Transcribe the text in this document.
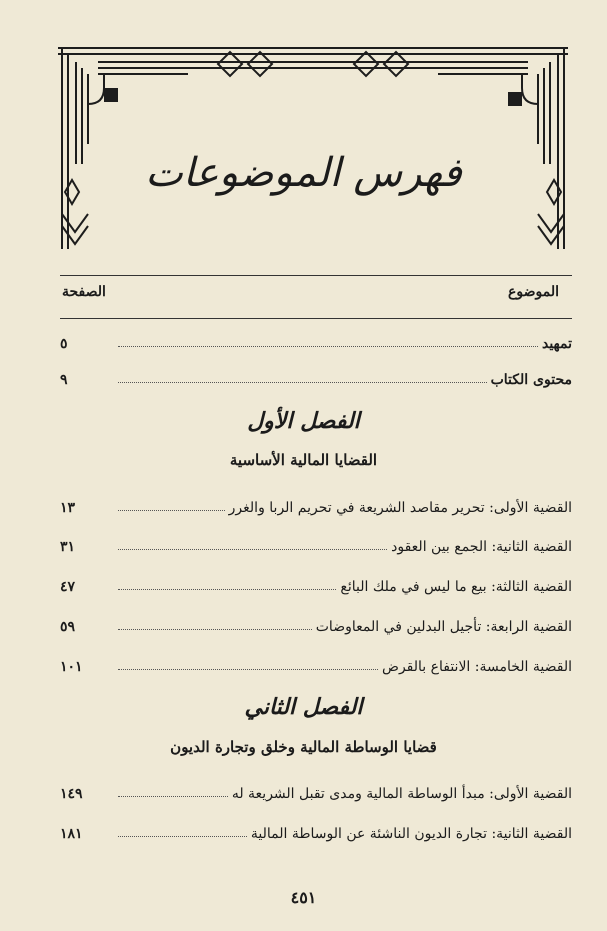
فهرس الموضوعات
الموضوع
الصفحة
تمهيد
٥
محتوى الكتاب
٩
الفصل الأول
القضايا المالية الأساسية
القضية الأولى: تحرير مقاصد الشريعة في تحريم الربا والغرر
١٣
القضية الثانية: الجمع بين العقود
٣١
القضية الثالثة: بيع ما ليس في ملك البائع
٤٧
القضية الرابعة: تأجيل البدلين في المعاوضات
٥٩
القضية الخامسة: الانتفاع بالقرض
١٠١
الفصل الثاني
قضايا الوساطة المالية وخلق وتجارة الديون
القضية الأولى: مبدأ الوساطة المالية ومدى تقبل الشريعة له
١٤٩
القضية الثانية: تجارة الديون الناشئة عن الوساطة المالية
١٨١
٤٥١
